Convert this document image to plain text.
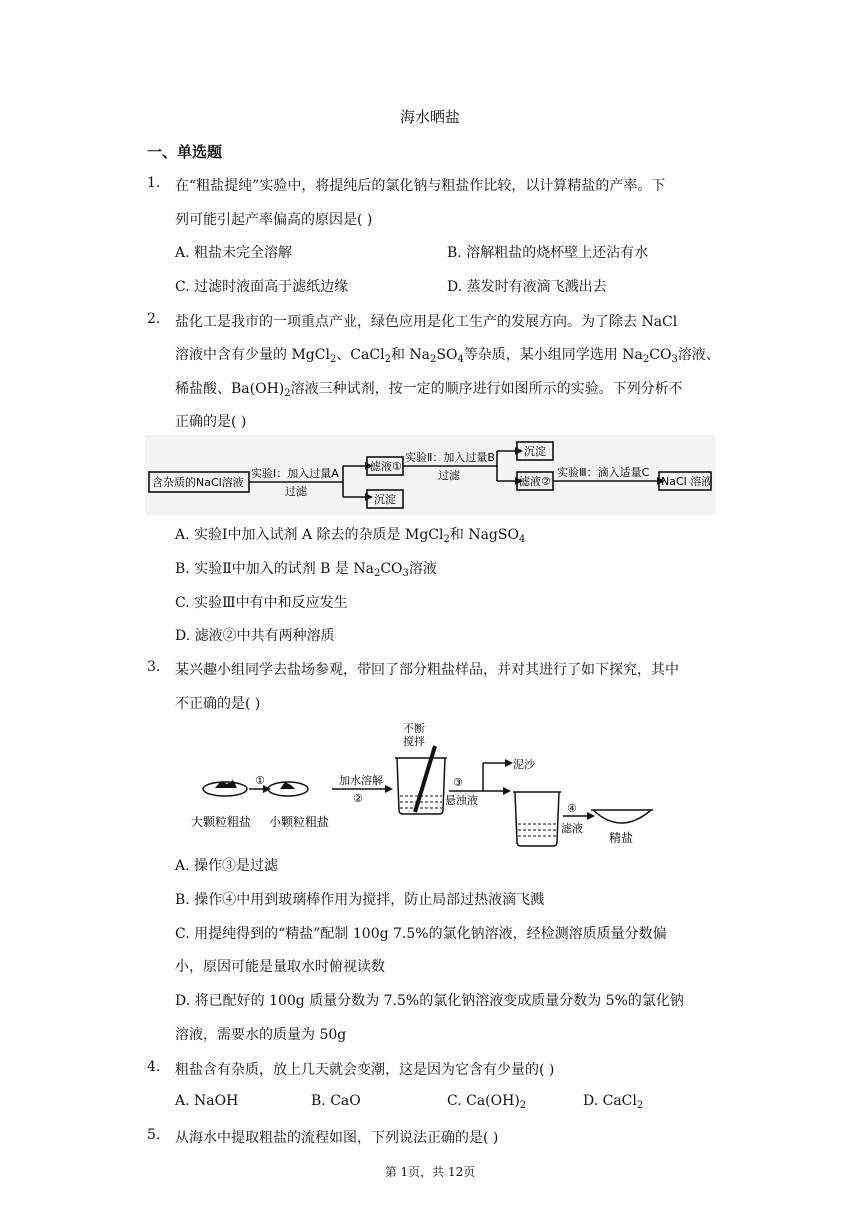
海水晒盐
一、单选题
1. 在“粗盐提纯”实验中，将提纯后的氯化钠与粗盐作比较，以计算精盐的产率。下
列可能引起产率偏高的原因是( )
A. 粗盐未完全溶解	B. 溶解粗盐的烧杯壁上还沾有水
C. 过滤时液面高于滤纸边缘	D. 蒸发时有液滴飞溅出去
2. 盐化工是我市的一项重点产业，绿色应用是化工生产的发展方向。为了除去 NaCl
溶液中含有少量的 MgCl$_2$、CaCl$_2$和 $Na_2SO_4$等杂质，某小组同学选用 $Na_2CO_3$溶液、
稀盐酸、$Ba(OH)_2$溶液三种试剂，按一定的顺序进行如图所示的实验。下列分析不
正确的是( )
含杂质的NaCl溶液
实验Ⅰ：加入过量A
过滤
滤液①
沉淀
实验Ⅱ：加入过量B
过滤
沉淀
滤液②
实验Ⅲ：滴入适量C
NaCl 溶液
A. 实验Ⅰ中加入试剂 A 除去的杂质是 MgCl$_2$和 NagSO$_4$
B. 实验Ⅱ中加入的试剂 B 是 $Na_2CO_3$溶液
C. 实验Ⅲ中有中和反应发生
D. 滤液②中共有两种溶质
3. 某兴趣小组同学去盐场参观，带回了部分粗盐样品，并对其进行了如下探究，其中
不正确的是( )
不断
搅拌
①	加水溶解
②
③
泥沙
悬浊液
④
滤液
大颗粒粗盐 小颗粒粗盐
精盐
A. 操作③是过滤
B. 操作④中用到玻璃棒作用为搅拌，防止局部过热液滴飞溅
C. 用提纯得到的“精盐”配制 100g 7.5%的氯化钠溶液，经检测溶质质量分数偏
小，原因可能是量取水时俯视读数
D. 将已配好的 100g 质量分数为 7.5%的氯化钠溶液变成质量分数为 5%的氯化钠
溶液，需要水的质量为 50g
4. 粗盐含有杂质，放上几天就会变潮，这是因为它含有少量的( )
A. NaOH	B. CaO	C. $Ca(OH)_2$	D. CaCl$_2$
5. 从海水中提取粗盐的流程如图，下列说法正确的是( )
第 1页，共 12页
